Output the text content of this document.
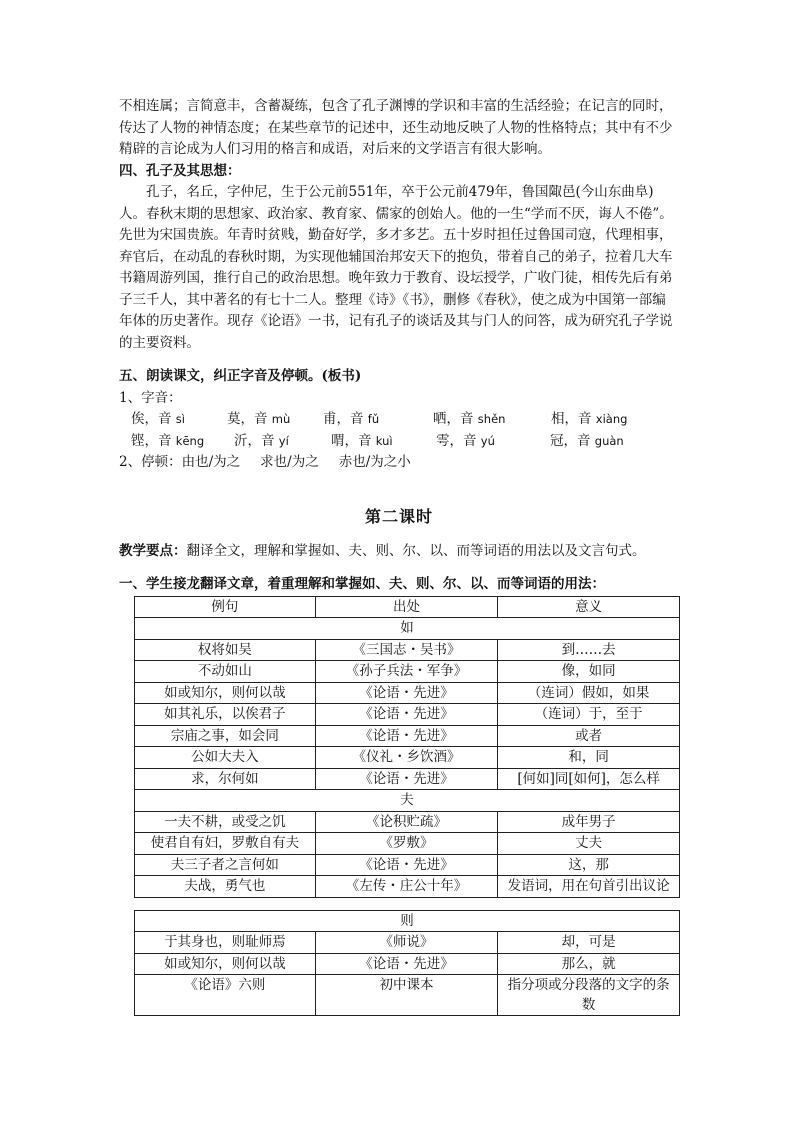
不相连属；言简意丰，含蓄凝练，包含了孔子渊博的学识和丰富的生活经验；在记言的同时，传达了人物的神情态度；在某些章节的记述中，还生动地反映了人物的性格特点；其中有不少精辟的言论成为人们习用的格言和成语，对后来的文学语言有很大影响。

四、孔子及其思想：

孔子，名丘，字仲尼，生于公元前551年，卒于公元前479年，鲁国陬邑(今山东曲阜)人。春秋末期的思想家、政治家、教育家、儒家的创始人。他的一生“学而不厌，诲人不倦”。先世为宋国贵族。年青时贫贱，勤奋好学，多才多艺。五十岁时担任过鲁国司寇，代理相事，弃官后，在动乱的春秋时期，为实现他辅国治邦安天下的抱负，带着自己的弟子，拉着几大车书籍周游列国，推行自己的政治思想。晚年致力于教育、设坛授学，广收门徒，相传先后有弟子三千人，其中著名的有七十二人。整理《诗》《书》，删修《春秋》，使之成为中国第一部编年体的历史著作。现存《论语》一书，记有孔子的谈话及其与门人的问答，成为研究孔子学说的主要资料。

五、朗读课文，纠正字音及停顿。(板书)

1、字音：

俟，音 sì	莫，音 mù	甫，音 fǔ	哂，音 shěn	相，音 xiàng
铿，音 kēng	沂，音 yí	喟，音 kuì	雩，音 yú	冠，音 guàn

2、停顿：由也/为之 求也/为之 赤也/为之小

第二课时

教学要点：翻译全文，理解和掌握如、夫、则、尔、以、而等词语的用法以及文言句式。

一、学生接龙翻译文章，着重理解和掌握如、夫、则、尔、以、而等词语的用法：

例句	出处	意义
如		
权将如吴	《三国志・吴书》	到……去
不动如山	《孙子兵法・军争》	像，如同
如或知尔，则何以哉	《论语・先进》	（连词）假如，如果
如其礼乐，以俟君子	《论语・先进》	（连词）于，至于
宗庙之事，如会同	《论语・先进》	或者
公如大夫入	《仪礼・乡饮酒》	和，同
求，尔何如	《论语・先进》	[何如]同[如何]，怎么样
夫		
一夫不耕，或受之饥	《论积贮疏》	成年男子
使君自有妇，罗敷自有夫	《罗敷》	丈夫
夫三子者之言何如	《论语・先进》	这，那
夫战，勇气也	《左传・庄公十年》	发语词，用在句首引出议论
则		
于其身也，则耻师焉	《师说》	却，可是
如或知尔，则何以哉	《论语・先进》	那么，就
《论语》六则	初中课本	指分项或分段落的文字的条数
